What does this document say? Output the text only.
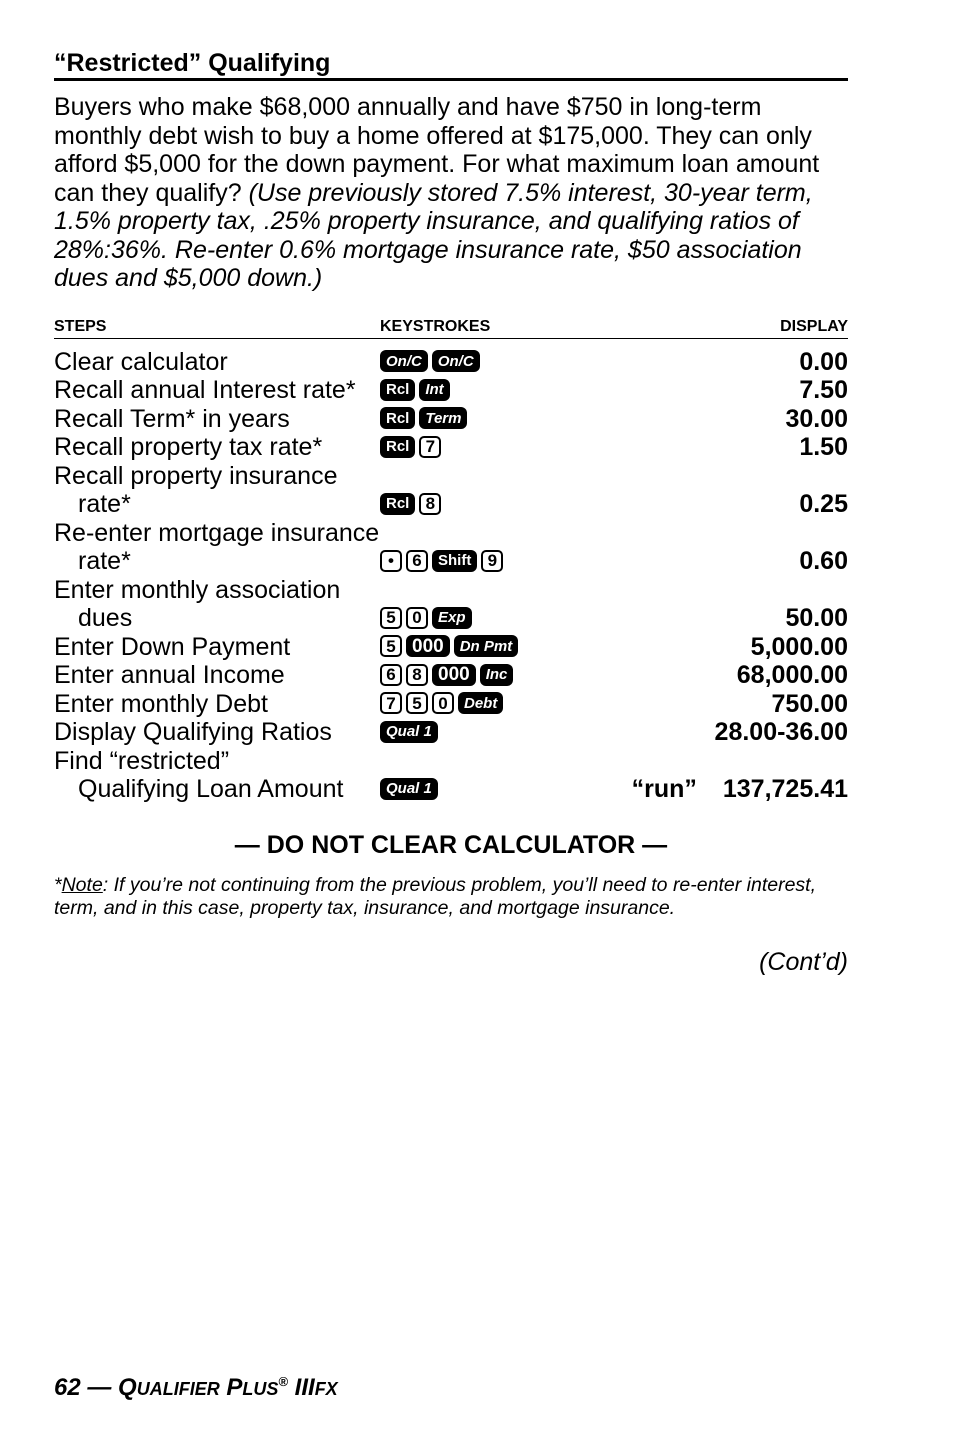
“Restricted” Qualifying
Buyers who make $68,000 annually and have $750 in long-term monthly debt wish to buy a home offered at $175,000. They can only afford $5,000 for the down payment. For what maximum loan amount can they qualify? (Use previously stored 7.5% interest, 30-year term, 1.5% property tax, .25% property insurance, and qualifying ratios of 28%:36%. Re-enter 0.6% mortgage insurance rate, $50 association dues and $5,000 down.)
STEPS	KEYSTROKES	DISPLAY
Clear calculator	On/C	On/C	0.00
Recall annual Interest rate*	Rcl	Int	7.50
Recall Term* in years	Rcl	Term	30.00
Recall property tax rate*	Rcl 7	1.50
Recall property insurance
rate*	Rcl 8	0.25
Re-enter mortgage insurance
rate*	•	6	Shift 9	0.60
Enter monthly association
dues	5 0	Exp	50.00
Enter Down Payment	5 000	Dn Pmt	5,000.00
Enter annual Income	6 8 000	Inc	68,000.00
Enter monthly Debt	7 5 0	Debt	750.00
Display Qualifying Ratios	Qual 1	28.00-36.00
Find “restricted”
Qualifying Loan Amount	Qual 1	“run” 137,725.41
— DO NOT CLEAR CALCULATOR —
*Note: If you’re not continuing from the previous problem, you’ll need to re-enter interest, term, and in this case, property tax, insurance, and mortgage insurance.
(Cont’d)
62 — QUALIFIER PLUS® IIIFX
